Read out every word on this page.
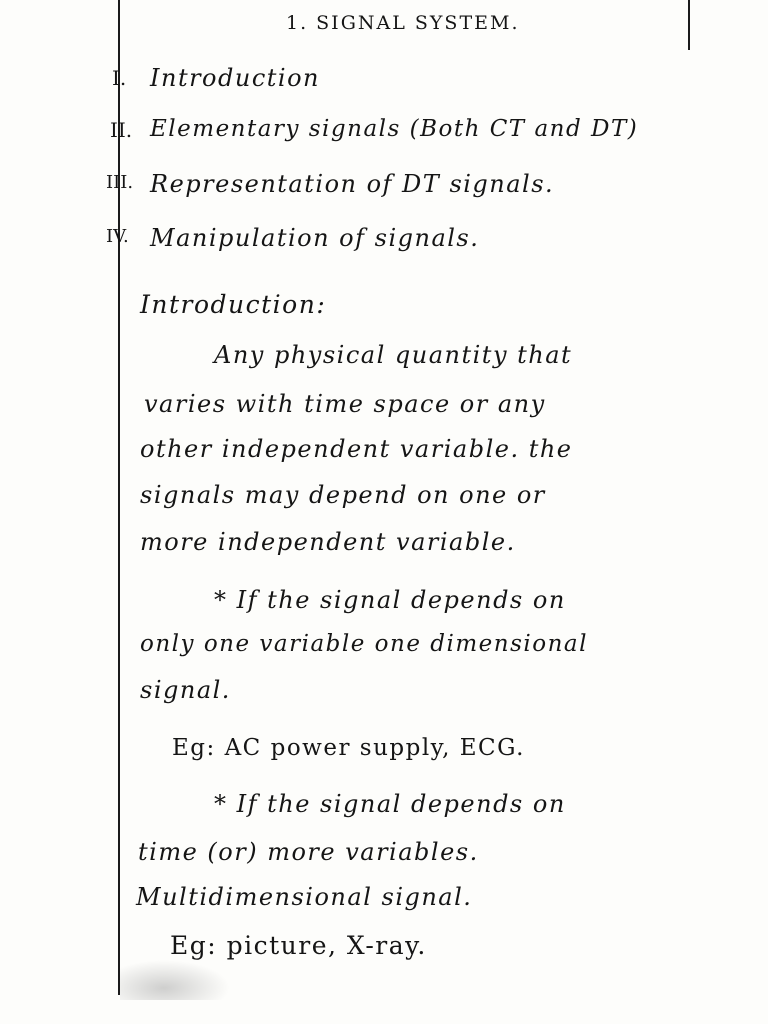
1. SIGNAL SYSTEM.
I. Introduction
II. Elementary signals (Both CT and DT)
III. Representation of DT signals.
IV. Manipulation of signals.
Introduction:
Any physical quantity that
varies with time space or any
other independent variable. the
signals may depend on one or
more independent variable.
* If the signal depends on
only one variable one dimensional
signal.
Eg: AC power supply, ECG.
* If the signal depends on
time (or) more variables.
Multidimensional signal.
Eg: picture, X-ray.
